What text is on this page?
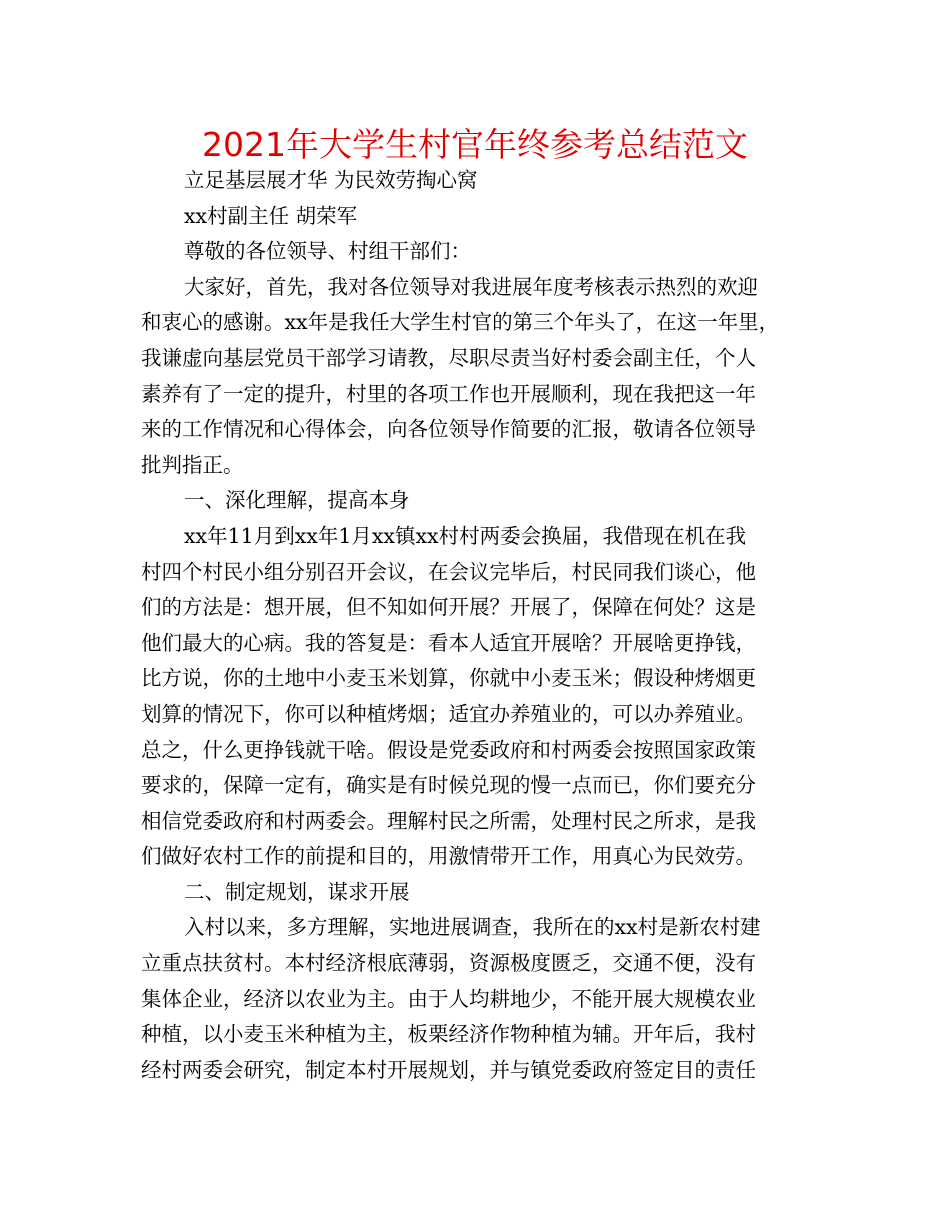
2021年大学生村官年终参考总结范文
立足基层展才华 为民效劳掏心窝
xx村副主任 胡荣军
尊敬的各位领导、村组干部们：
大家好，首先，我对各位领导对我进展年度考核表示热烈的欢迎
和衷心的感谢。xx年是我任大学生村官的第三个年头了，在这一年里，
我谦虚向基层党员干部学习请教，尽职尽责当好村委会副主任，个人
素养有了一定的提升，村里的各项工作也开展顺利，现在我把这一年
来的工作情况和心得体会，向各位领导作简要的汇报，敬请各位领导
批判指正。
一、深化理解，提高本身
xx年11月到xx年1月xx镇xx村村两委会换届，我借现在机在我
村四个村民小组分别召开会议，在会议完毕后，村民同我们谈心，他
们的方法是：想开展，但不知如何开展？开展了，保障在何处？这是
他们最大的心病。我的答复是：看本人适宜开展啥？开展啥更挣钱，
比方说，你的土地中小麦玉米划算，你就中小麦玉米；假设种烤烟更
划算的情况下，你可以种植烤烟；适宜办养殖业的，可以办养殖业。
总之，什么更挣钱就干啥。假设是党委政府和村两委会按照国家政策
要求的，保障一定有，确实是有时候兑现的慢一点而已，你们要充分
相信党委政府和村两委会。理解村民之所需，处理村民之所求，是我
们做好农村工作的前提和目的，用激情带开工作，用真心为民效劳。
二、制定规划，谋求开展
入村以来，多方理解，实地进展调查，我所在的xx村是新农村建
立重点扶贫村。本村经济根底薄弱，资源极度匮乏，交通不便，没有
集体企业，经济以农业为主。由于人均耕地少，不能开展大规模农业
种植，以小麦玉米种植为主，板栗经济作物种植为辅。开年后，我村
经村两委会研究，制定本村开展规划，并与镇党委政府签定目的责任
